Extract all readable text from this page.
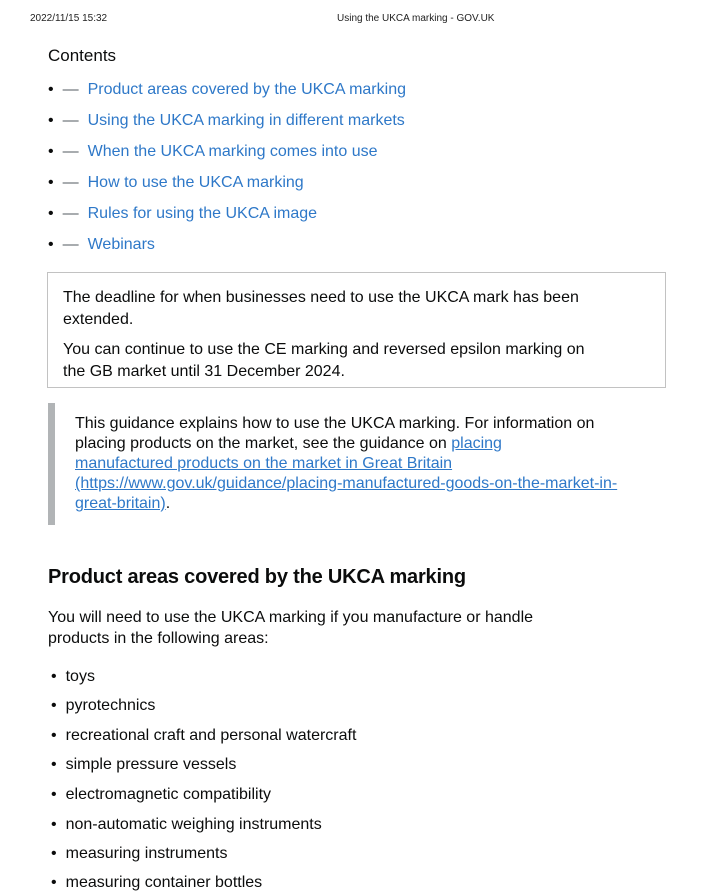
2022/11/15 15:32	Using the UKCA marking - GOV.UK
Contents
• — Product areas covered by the UKCA marking
• — Using the UKCA marking in different markets
• — When the UKCA marking comes into use
• — How to use the UKCA marking
• — Rules for using the UKCA image
• — Webinars
The deadline for when businesses need to use the UKCA mark has been
extended.
You can continue to use the CE marking and reversed epsilon marking on
the GB market until 31 December 2024.
This guidance explains how to use the UKCA marking. For information on
placing products on the market, see the guidance on placing
manufactured products on the market in Great Britain
(https://www.gov.uk/guidance/placing-manufactured-goods-on-the-market-in-
great-britain).
Product areas covered by the UKCA marking
You will need to use the UKCA marking if you manufacture or handle
products in the following areas:
• toys
• pyrotechnics
• recreational craft and personal watercraft
• simple pressure vessels
• electromagnetic compatibility
• non-automatic weighing instruments
• measuring instruments
• measuring container bottles
